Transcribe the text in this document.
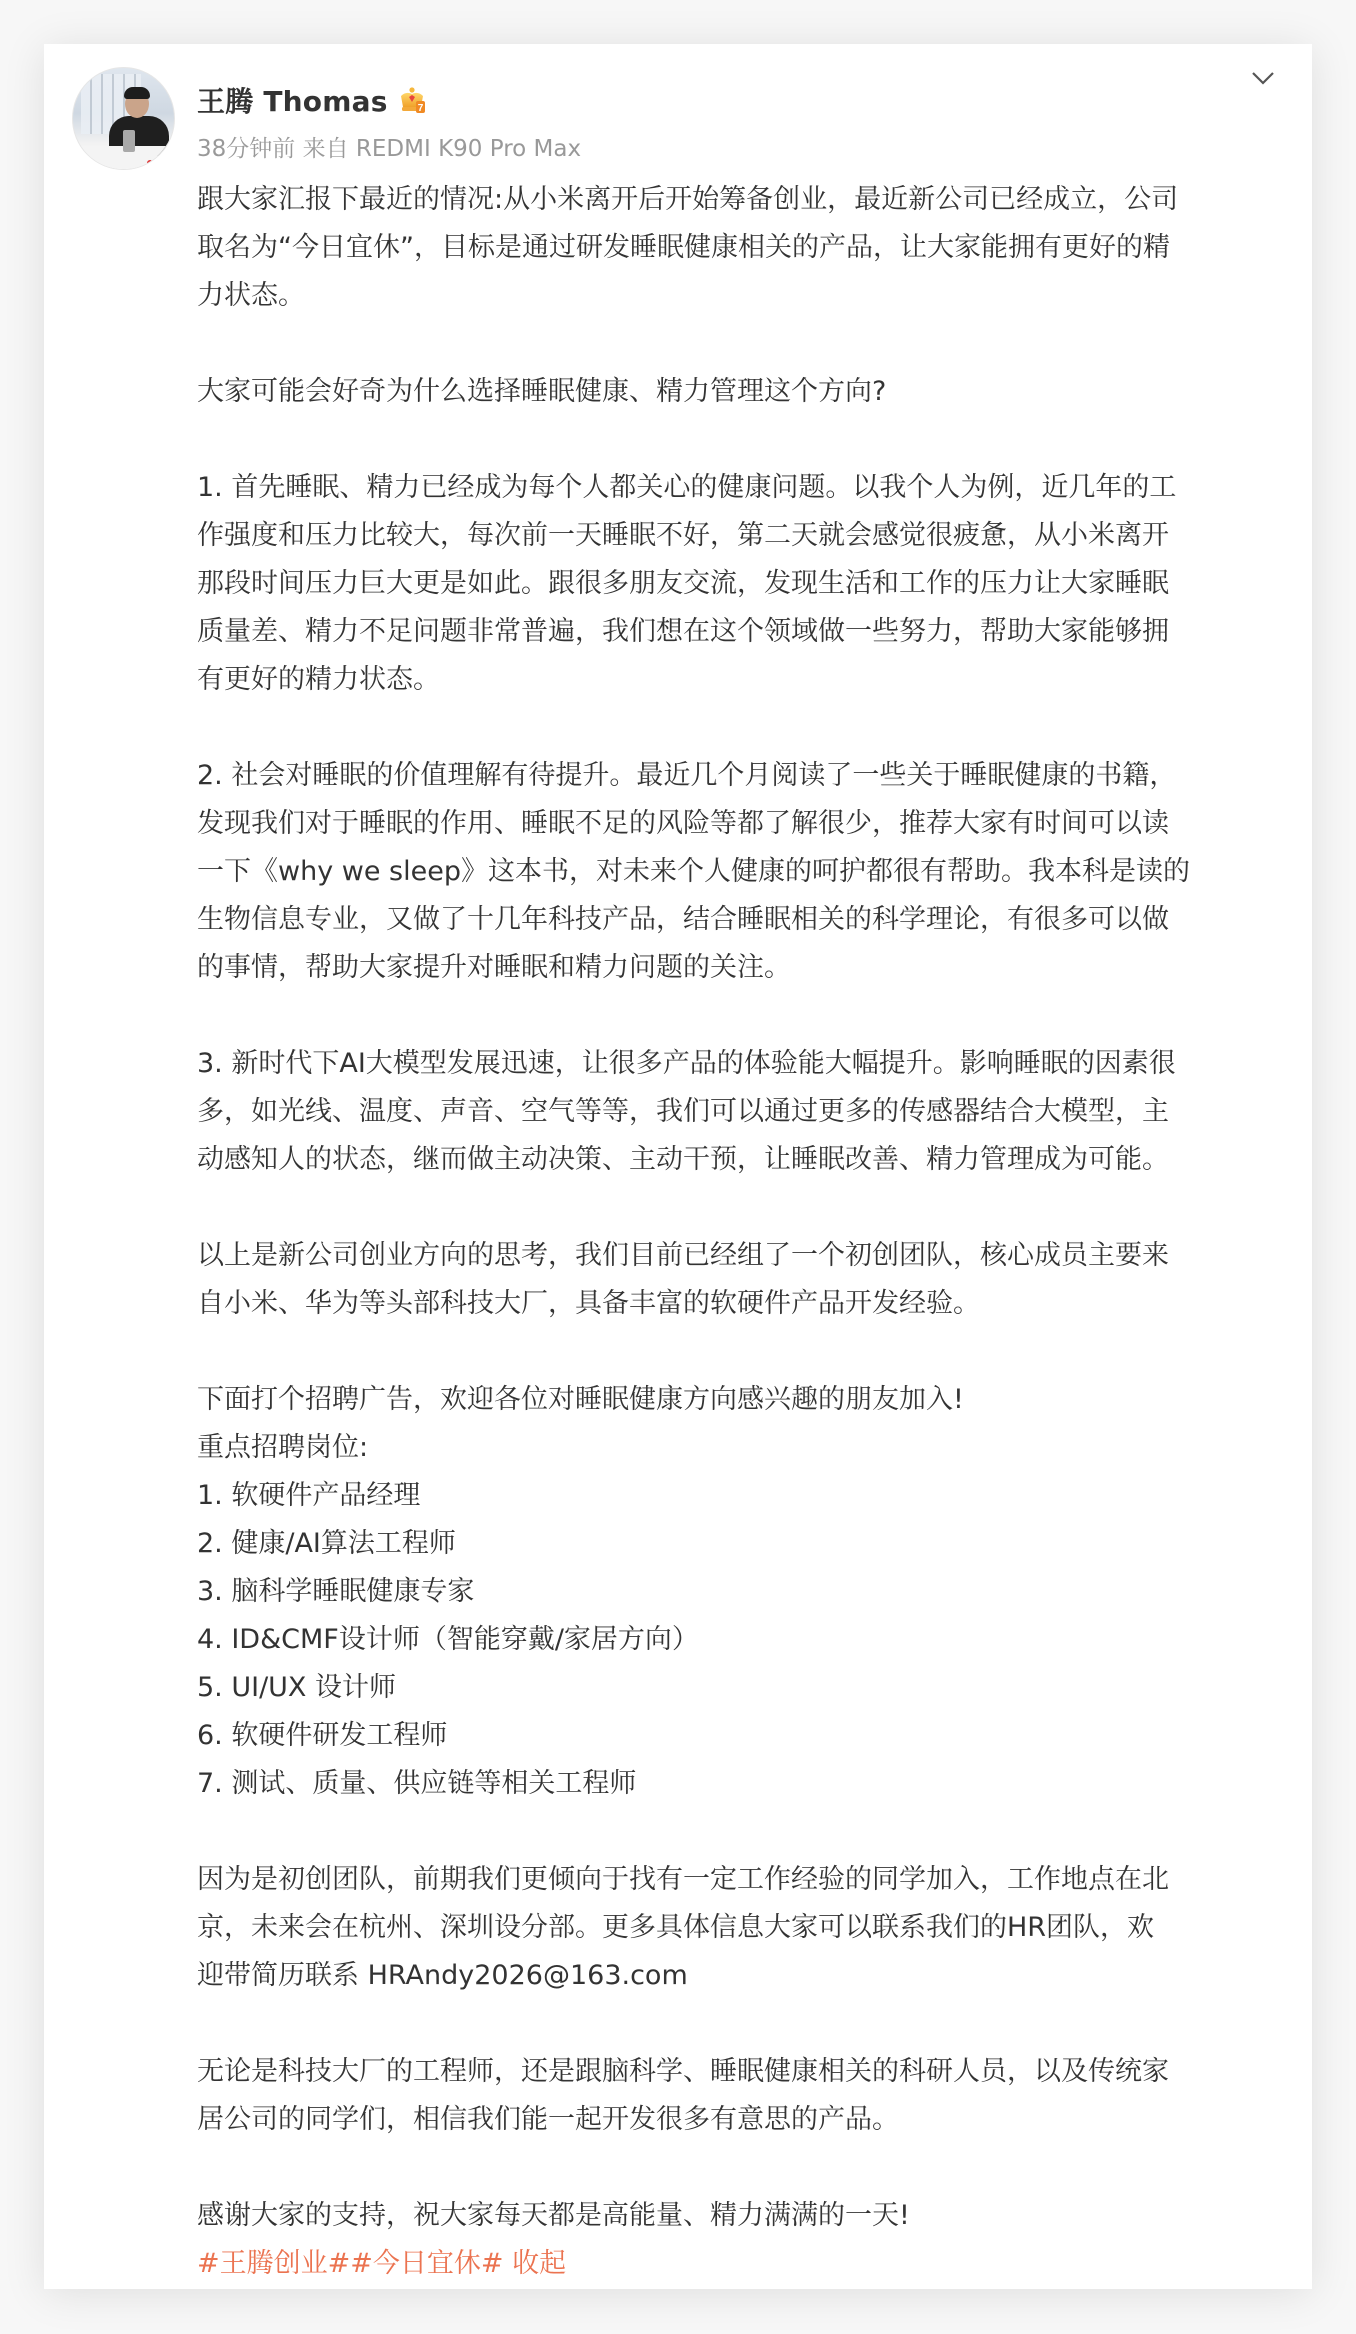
王腾 Thomas	7
38分钟前 来自 REDMI K90 Pro Max
跟大家汇报下最近的情况:从小米离开后开始筹备创业，最近新公司已经成立，公司
取名为“今日宜休”，目标是通过研发睡眠健康相关的产品，让大家能拥有更好的精
力状态。
大家可能会好奇为什么选择睡眠健康、精力管理这个方向?
1. 首先睡眠、精力已经成为每个人都关心的健康问题。以我个人为例，近几年的工
作强度和压力比较大，每次前一天睡眠不好，第二天就会感觉很疲惫，从小米离开
那段时间压力巨大更是如此。跟很多朋友交流，发现生活和工作的压力让大家睡眠
质量差、精力不足问题非常普遍，我们想在这个领域做一些努力，帮助大家能够拥
有更好的精力状态。
2. 社会对睡眠的价值理解有待提升。最近几个月阅读了一些关于睡眠健康的书籍，
发现我们对于睡眠的作用、睡眠不足的风险等都了解很少，推荐大家有时间可以读
一下《why we sleep》这本书，对未来个人健康的呵护都很有帮助。我本科是读的
生物信息专业，又做了十几年科技产品，结合睡眠相关的科学理论，有很多可以做
的事情，帮助大家提升对睡眠和精力问题的关注。
3. 新时代下AI大模型发展迅速，让很多产品的体验能大幅提升。影响睡眠的因素很
多，如光线、温度、声音、空气等等，我们可以通过更多的传感器结合大模型，主
动感知人的状态，继而做主动决策、主动干预，让睡眠改善、精力管理成为可能。
以上是新公司创业方向的思考，我们目前已经组了一个初创团队，核心成员主要来
自小米、华为等头部科技大厂，具备丰富的软硬件产品开发经验。
下面打个招聘广告，欢迎各位对睡眠健康方向感兴趣的朋友加入!
重点招聘岗位:
1. 软硬件产品经理
2. 健康/AI算法工程师
3. 脑科学睡眠健康专家
4. ID&CMF设计师（智能穿戴/家居方向）
5. UI/UX 设计师
6. 软硬件研发工程师
7. 测试、质量、供应链等相关工程师
因为是初创团队，前期我们更倾向于找有一定工作经验的同学加入，工作地点在北
京，未来会在杭州、深圳设分部。更多具体信息大家可以联系我们的HR团队，欢
迎带简历联系 HRAndy2026@163.com
无论是科技大厂的工程师，还是跟脑科学、睡眠健康相关的科研人员，以及传统家
居公司的同学们，相信我们能一起开发很多有意思的产品。
感谢大家的支持，祝大家每天都是高能量、精力满满的一天!
#王腾创业##今日宜休# 收起
